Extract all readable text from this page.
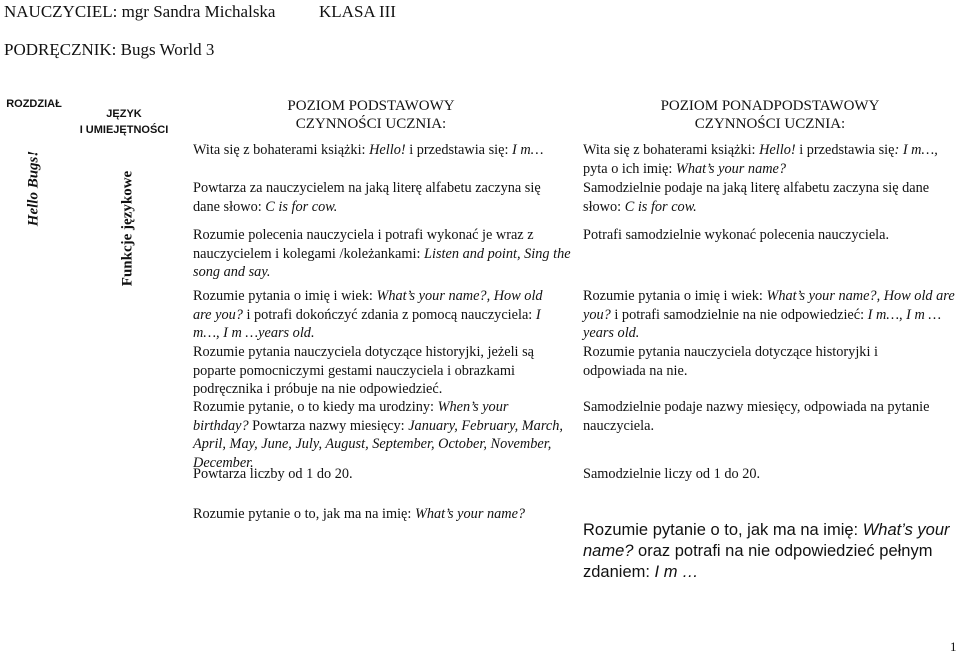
NAUCZYCIEL: mgr Sandra Michalska	KLASA III
PODRĘCZNIK: Bugs World 3
ROZDZIAŁ
JĘZYK
I UMIEJĘTNOŚCI
POZIOM PODSTAWOWY
CZYNNOŚCI UCZNIA:
POZIOM PONADPODSTAWOWY
CZYNNOŚCI UCZNIA:
Hello Bugs!	Funkcje językowe
Wita się z bohaterami książki: Hello! i przedstawia się: I m…
Powtarza za nauczycielem na jaką literę alfabetu zaczyna się dane słowo: C is for cow.
Rozumie polecenia nauczyciela i potrafi wykonać je wraz z nauczycielem i kolegami /koleżankami: Listen and point, Sing the song and say.
Rozumie pytania o imię i wiek: What’s your name?, How old are you? i potrafi dokończyć zdania z pomocą nauczyciela: I m…, I m …years old.
Rozumie pytania nauczyciela dotyczące historyjki, jeżeli są poparte pomocniczymi gestami nauczyciela i obrazkami podręcznika i próbuje na nie odpowiedzieć.
Rozumie pytanie, o to kiedy ma urodziny: When’s your birthday? Powtarza nazwy miesięcy: January, February, March, April, May, June, July, August, September, October, November, December.
Powtarza liczby od 1 do 20.
Rozumie pytanie o to, jak ma na imię: What’s your name?
Wita się z bohaterami książki: Hello! i przedstawia się: I m…, pyta o ich imię: What’s your name?
Samodzielnie podaje na jaką literę alfabetu zaczyna się dane słowo: C is for cow.
Potrafi samodzielnie wykonać polecenia nauczyciela.
Rozumie pytania o imię i wiek: What’s your name?, How old are you? i potrafi samodzielnie na nie odpowiedzieć: I m…, I m …years old.
Rozumie pytania nauczyciela dotyczące historyjki i odpowiada na nie.
Samodzielnie podaje nazwy miesięcy, odpowiada na pytanie nauczyciela.
Samodzielnie liczy od 1 do 20.
Rozumie pytanie o to, jak ma na imię: What’s your name? oraz potrafi na nie odpowiedzieć pełnym zdaniem: I m …
1
